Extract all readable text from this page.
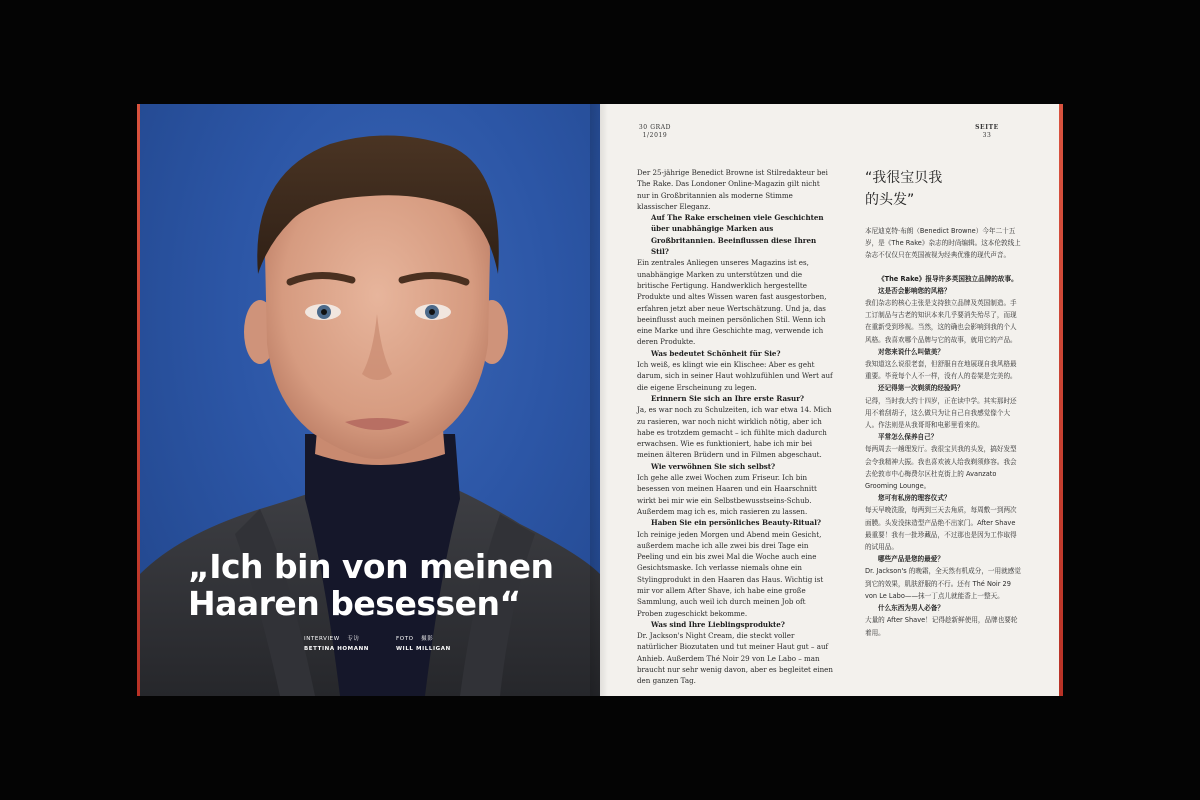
„Ich bin von meinen
Haaren besessen“
INTERVIEW 专访
BETTINA HOMANN
FOTO 摄影
WILL MILLIGAN
30 GRAD
1/2019
SEITE
33

Der 25-jährige Benedict Browne ist Stilredakteur bei The Rake. Das Londoner Online-Magazin gilt nicht nur in Großbritannien als moderne Stimme klassischer Eleganz.

Auf The Rake erscheinen viele Geschichten über unabhängige Marken aus Großbritannien. Beeinflussen diese Ihren Stil?

Ein zentrales Anliegen unseres Magazins ist es, unabhängige Marken zu unterstützen und die britische Fertigung. Handwerklich hergestellte Produkte und altes Wissen waren fast ausgestorben, erfahren jetzt aber neue Wertschätzung. Und ja, das beeinflusst auch meinen persönlichen Stil. Wenn ich eine Marke und ihre Geschichte mag, verwende ich deren Produkte.

Was bedeutet Schönheit für Sie?

Ich weiß, es klingt wie ein Klischee: Aber es geht darum, sich in seiner Haut wohlzufühlen und Wert auf die eigene Erscheinung zu legen.

Erinnern Sie sich an Ihre erste Rasur?

Ja, es war noch zu Schulzeiten, ich war etwa 14. Mich zu rasieren, war noch nicht wirklich nötig, aber ich habe es trotzdem gemacht – ich fühlte mich dadurch erwachsen. Wie es funktioniert, habe ich mir bei meinen älteren Brüdern und in Filmen abgeschaut.

Wie verwöhnen Sie sich selbst?

Ich gehe alle zwei Wochen zum Friseur. Ich bin besessen von meinen Haaren und ein Haarschnitt wirkt bei mir wie ein Selbstbewusstseins-Schub. Außerdem mag ich es, mich rasieren zu lassen.

Haben Sie ein persönliches Beauty-Ritual?

Ich reinige jeden Morgen und Abend mein Gesicht, außerdem mache ich alle zwei bis drei Tage ein Peeling und ein bis zwei Mal die Woche auch eine Gesichtsmaske. Ich verlasse niemals ohne ein Stylingprodukt in den Haaren das Haus. Wichtig ist mir vor allem After Shave, ich habe eine große Sammlung, auch weil ich durch meinen Job oft Proben zugeschickt bekomme.

Was sind Ihre Lieblingsprodukte?

Dr. Jackson's Night Cream, die steckt voller natürlicher Biozutaten und tut meiner Haut gut – auf Anhieb. Außerdem Thé Noir 29 von Le Labo – man braucht nur sehr wenig davon, aber es begleitet einen den ganzen Tag.

“我很宝贝我
的头发”

本尼迪克特·布朗（Benedict Browne）今年二十五岁，是《The Rake》杂志的时尚编辑。这本伦敦线上杂志不仅仅只在英国被视为经典优雅的现代声音。

《The Rake》报导许多英国独立品牌的故事。这是否会影响您的风格？

我们杂志的核心主张是支持独立品牌及英国制造。手工订制品与古老的知识本来几乎要消失殆尽了，而现在重新受到珍视。当然，这的确也会影响到我的个人风格。我喜欢哪个品牌与它的故事，就用它的产品。

对您来说什么叫做美？

我知道这么说很老套，但舒服自在地展现自我风格最重要。毕竟每个人不一样，没有人的卷架是完美的。

还记得第一次剃须的经验吗？

记得，当时我大约十四岁，正在读中学。其实那时还用不着刮胡子，这么做只为让自己自我感觉像个大人。作法则是从我哥哥和电影里看来的。

平常怎么保养自己？

每两周去一趟理发厅。我很宝贝我的头发，搞好发型会令我精神大振。我也喜欢被人给我剃须修容。我会去伦敦市中心梅费尔区杜克街上的 Avanzato Grooming Lounge。

您可有私房的理容仪式？

每天早晚洗脸，每两到三天去角质，每周敷一到两次面膜。头发没抹造型产品绝不出家门。After Shave 最重要！我有一批珍藏品，不过那也是因为工作取得的试用品。

哪些产品是您的最爱？

Dr. Jackson's 的晚霜，全天然有机成分，一用就感觉到它的效果，肌肤舒服的不行。还有 Thé Noir 29 von Le Labo——抹一丁点儿就能香上一整天。

什么东西为男人必备？

大量的 After Shave！记得趁新鲜使用，品牌也要轮着用。
